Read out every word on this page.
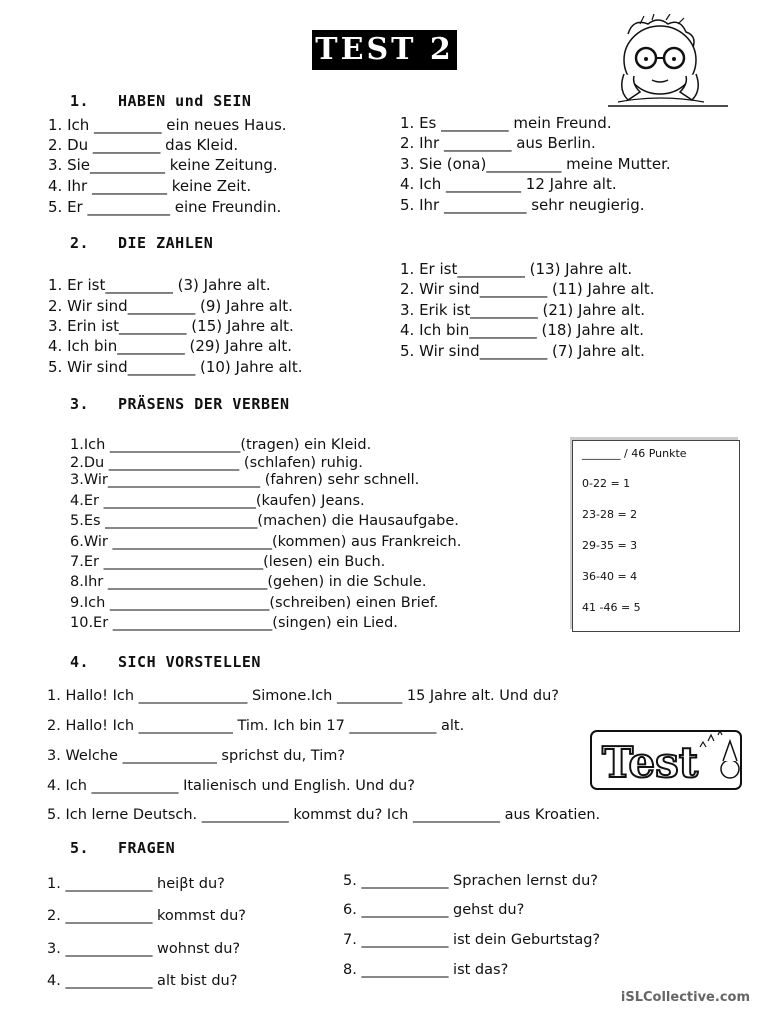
TEST 2
1. HABEN und SEIN
1. Ich _________ ein neues Haus.
2. Du _________ das Kleid.
3. Sie__________ keine Zeitung.
4. Ihr __________ keine Zeit.
5. Er ___________ eine Freundin.
1. Es _________ mein Freund.
2. Ihr _________ aus Berlin.
3. Sie (ona)__________ meine Mutter.
4. Ich __________ 12 Jahre alt.
5. Ihr ___________ sehr neugierig.
2. DIE ZAHLEN
1. Er ist_________ (3) Jahre alt.
2. Wir sind_________ (9) Jahre alt.
3. Erin ist_________ (15) Jahre alt.
4. Ich bin_________ (29) Jahre alt.
5. Wir sind_________ (10) Jahre alt.
1. Er ist_________ (13) Jahre alt.
2. Wir sind_________ (11) Jahre alt.
3. Erik ist_________ (21) Jahre alt.
4. Ich bin_________ (18) Jahre alt.
5. Wir sind_________ (7) Jahre alt.
3. PRÄSENS DER VERBEN
1.Ich __________________(tragen) ein Kleid.
2.Du __________________ (schlafen) ruhig.
3.Wir_____________________ (fahren) sehr schnell.
4.Er _____________________(kaufen) Jeans.
5.Es _____________________(machen) die Hausaufgabe.
6.Wir ______________________(kommen) aus Frankreich.
7.Er ______________________(lesen) ein Buch.
8.Ihr ______________________(gehen) in die Schule.
9.Ich ______________________(schreiben) einen Brief.
10.Er ______________________(singen) ein Lied.
_______ / 46 Punkte
0-22 = 1
23-28 = 2
29-35 = 3
36-40 = 4
41 -46 = 5
4. SICH VORSTELLEN
1. Hallo! Ich _______________ Simone.Ich _________ 15 Jahre alt. Und du?
2. Hallo! Ich _____________ Tim. Ich bin 17 ____________ alt.
3. Welche _____________ sprichst du, Tim?
4. Ich ____________ Italienisch und English. Und du?
5. Ich lerne Deutsch. ____________ kommst du? Ich ____________ aus Kroatien.
Test
5. FRAGEN
1. ____________ heiβt du?
2. ____________ kommst du?
3. ____________ wohnst du?
4. ____________ alt bist du?
5. ____________ Sprachen lernst du?
6. ____________ gehst du?
7. ____________ ist dein Geburtstag?
8. ____________ ist das?
iSLCollective.com
